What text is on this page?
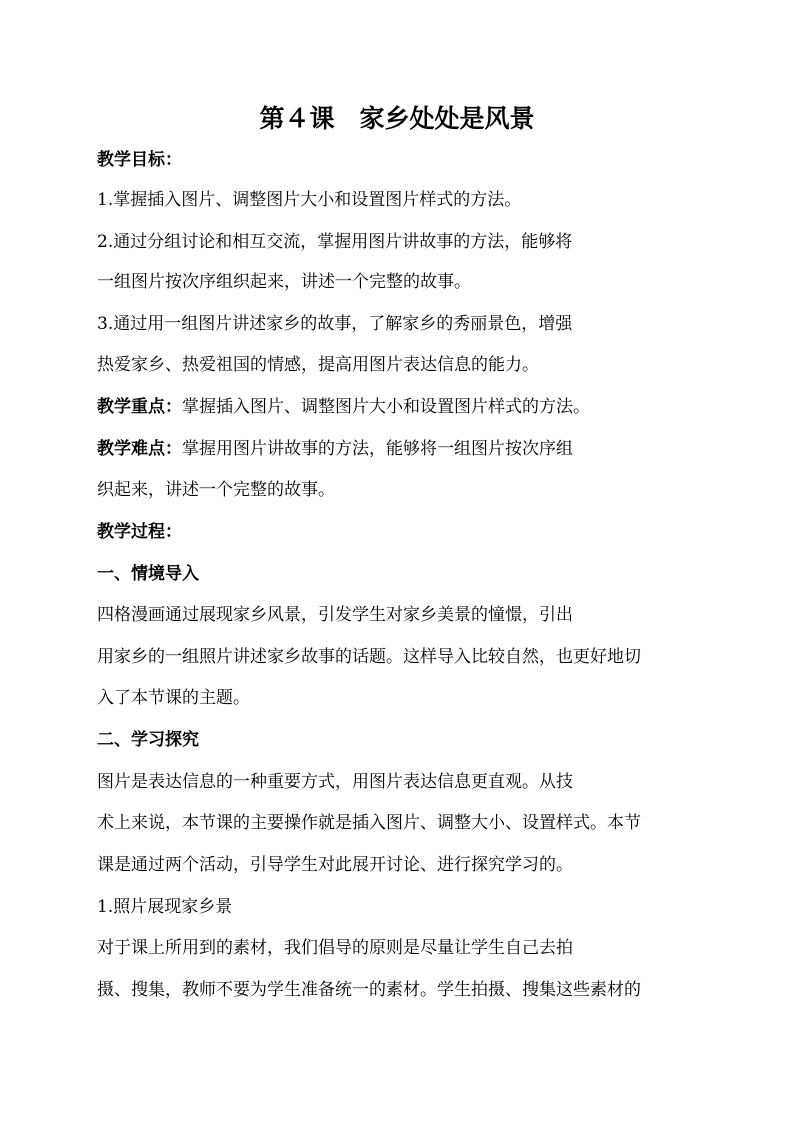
第４课　家乡处处是风景

教学目标：

1.掌握插入图片、调整图片大小和设置图片样式的方法。

2.通过分组讨论和相互交流，掌握用图片讲故事的方法，能够将

一组图片按次序组织起来，讲述一个完整的故事。

3.通过用一组图片讲述家乡的故事，了解家乡的秀丽景色，增强

热爱家乡、热爱祖国的情感，提高用图片表达信息的能力。

教学重点：掌握插入图片、调整图片大小和设置图片样式的方法。

教学难点：掌握用图片讲故事的方法，能够将一组图片按次序组

织起来，讲述一个完整的故事。

教学过程：

一、情境导入

四格漫画通过展现家乡风景，引发学生对家乡美景的憧憬，引出

用家乡的一组照片讲述家乡故事的话题。这样导入比较自然，也更好地切

入了本节课的主题。

二、学习探究

图片是表达信息的一种重要方式，用图片表达信息更直观。从技

术上来说，本节课的主要操作就是插入图片、调整大小、设置样式。本节

课是通过两个活动，引导学生对此展开讨论、进行探究学习的。

1.照片展现家乡景

对于课上所用到的素材，我们倡导的原则是尽量让学生自己去拍

摄、搜集，教师不要为学生准备统一的素材。学生拍摄、搜集这些素材的
